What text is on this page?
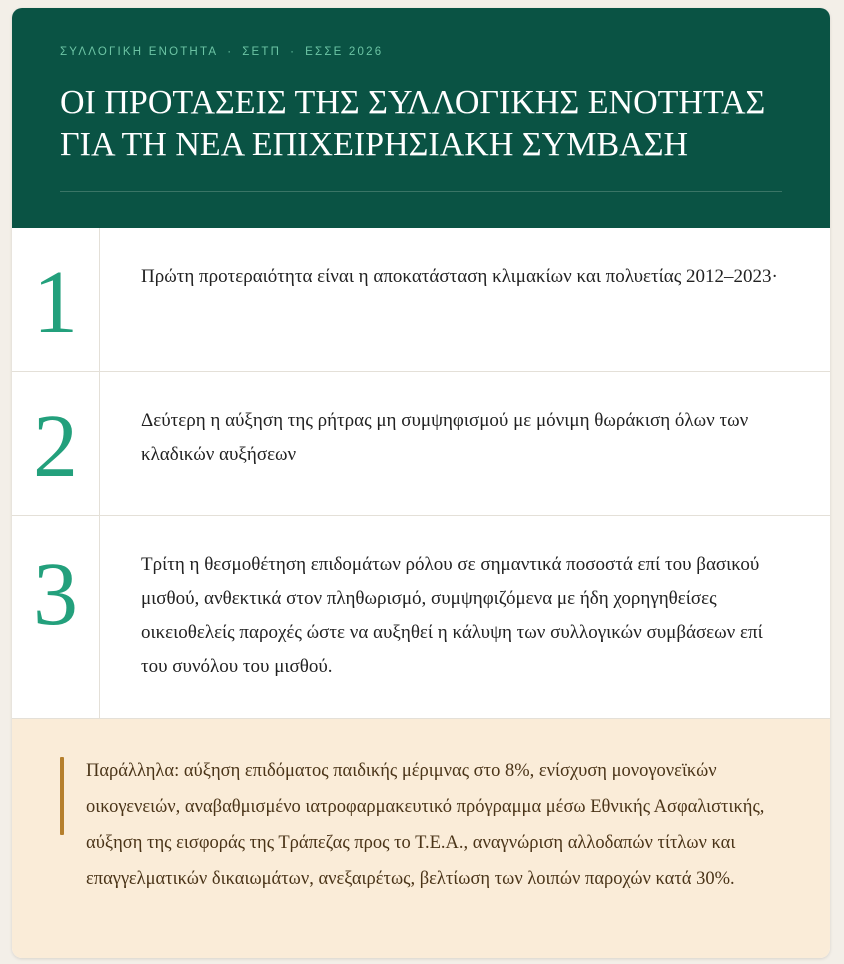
ΣΥΛΛΟΓΙΚΗ ΕΝΟΤΗΤΑ · ΣΕΤΠ · ΕΣΣΕ 2026
ΟΙ ΠΡΟΤΑΣΕΙΣ ΤΗΣ ΣΥΛΛΟΓΙΚΗΣ ΕΝΟΤΗΤΑΣ ΓΙΑ ΤΗ ΝΕΑ ΕΠΙΧΕΙΡΗΣΙΑΚΗ ΣΥΜΒΑΣΗ
1	Πρώτη προτεραιότητα είναι η αποκατάσταση κλιμακίων και πολυετίας 2012–2023·
2	Δεύτερη η αύξηση της ρήτρας μη συμψηφισμού με μόνιμη θωράκιση όλων των κλαδικών αυξήσεων
3	Τρίτη η θεσμοθέτηση επιδομάτων ρόλου σε σημαντικά ποσοστά επί του βασικού μισθού, ανθεκτικά στον πληθωρισμό, συμψηφιζόμενα με ήδη χορηγηθείσες οικειοθελείς παροχές ώστε να αυξηθεί η κάλυψη των συλλογικών συμβάσεων επί του συνόλου του μισθού.
Παράλληλα: αύξηση επιδόματος παιδικής μέριμνας στο 8%, ενίσχυση μονογονεϊκών οικογενειών, αναβαθμισμένο ιατροφαρμακευτικό πρόγραμμα μέσω Εθνικής Ασφαλιστικής, αύξηση της εισφοράς της Τράπεζας προς το Τ.Ε.Α., αναγνώριση αλλοδαπών τίτλων και επαγγελματικών δικαιωμάτων, ανεξαιρέτως, βελτίωση των λοιπών παροχών κατά 30%.
